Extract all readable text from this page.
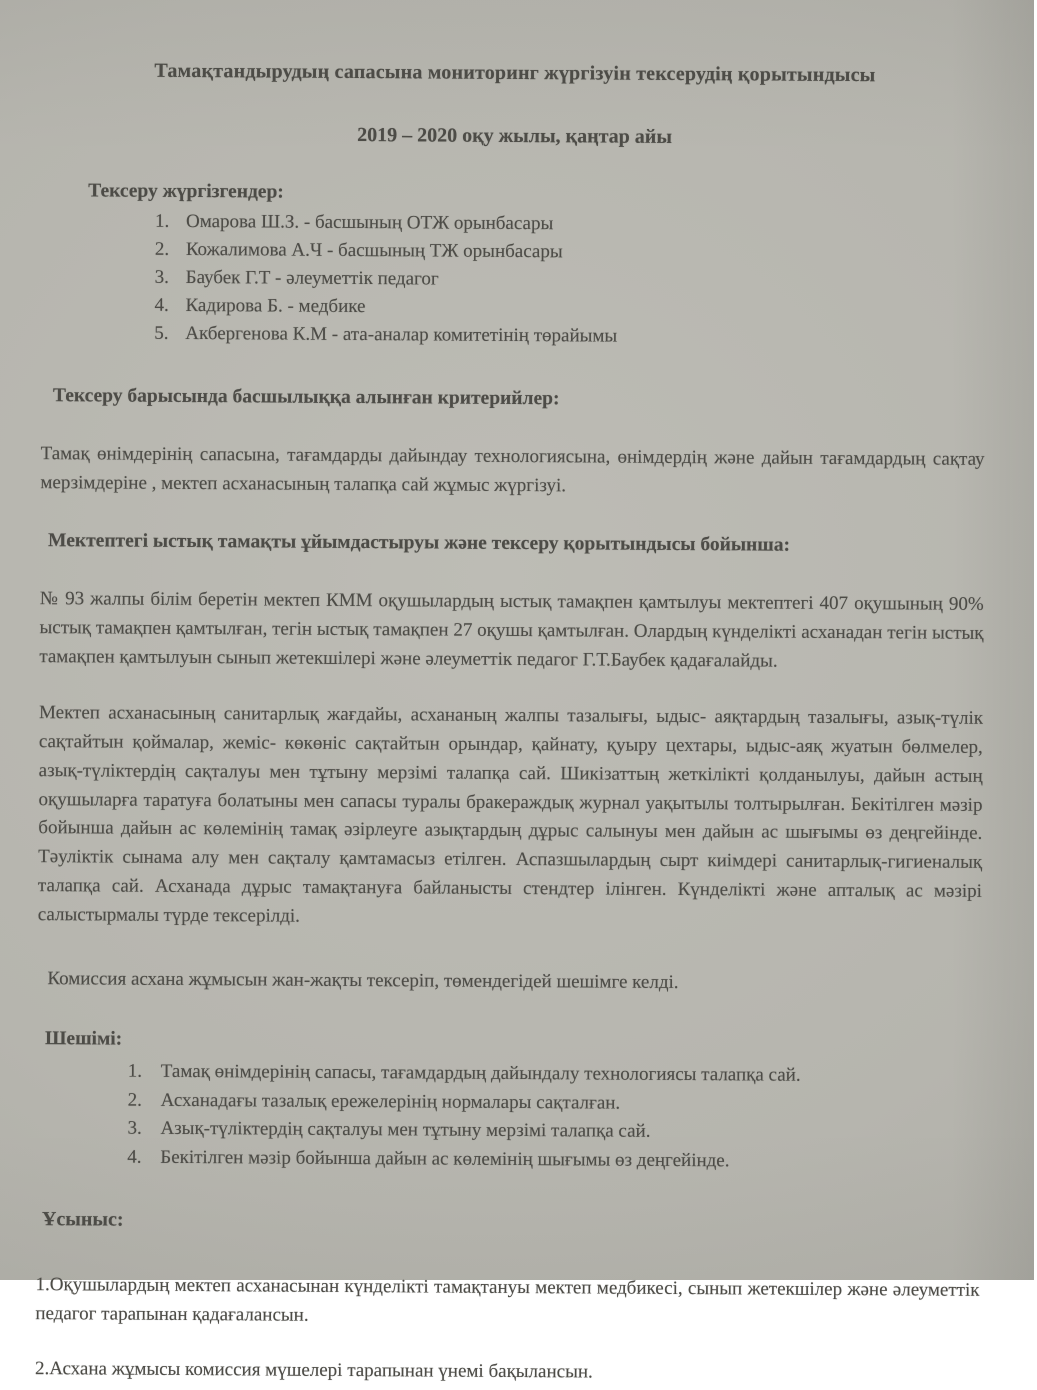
Тамақтандырудың сапасына мониторинг жүргізуін тексерудің қорытындысы

2019 – 2020 оқу жылы, қаңтар айы

Тексеру жүргізгендер:

1. Омарова Ш.З. - басшының ОТЖ орынбасары
2. Кожалимова А.Ч - басшының ТЖ орынбасары
3. Баубек Г.Т - әлеуметтік педагог
4. Кадирова Б. - медбике
5. Акбергенова К.М - ата-аналар комитетінің төрайымы

Тексеру барысында басшылыққа алынған критерийлер:

Тамақ өнімдерінің сапасына, тағамдарды дайындау технологиясына, өнімдердің және дайын тағамдардың сақтау мерзімдеріне , мектеп асханасының талапқа сай жұмыс жүргізуі.

Мектептегі ыстық тамақты ұйымдастыруы және тексеру қорытындысы бойынша:

№ 93 жалпы білім беретін мектеп КММ оқушылардың ыстық тамақпен қамтылуы мектептегі 407 оқушының 90% ыстық тамақпен қамтылған, тегін ыстық тамақпен 27 оқушы қамтылған. Олардың күнделікті асханадан тегін ыстық тамақпен қамтылуын сынып жетекшілері және әлеуметтік педагог Г.Т.Баубек қадағалайды.

Мектеп асханасының санитарлық жағдайы, асхананың жалпы тазалығы, ыдыс- аяқтардың тазалығы, азық-түлік сақтайтын қоймалар, жеміс- көкөніс сақтайтын орындар, қайнату, қуыру цехтары, ыдыс-аяқ жуатын бөлмелер, азық-түліктердің сақталуы мен тұтыну мерзімі талапқа сай. Шикізаттың жеткілікті қолданылуы, дайын астың оқушыларға таратуға болатыны мен сапасы туралы бракераждық журнал уақытылы толтырылған. Бекітілген мәзір бойынша дайын ас көлемінің тамақ әзірлеуге азықтардың дұрыс салынуы мен дайын ас шығымы өз деңгейінде. Тәуліктік сынама алу мен сақталу қамтамасыз етілген. Аспазшылардың сырт киімдері санитарлық-гигиеналық талапқа сай. Асханада дұрыс тамақтануға байланысты стендтер ілінген. Күнделікті және апталық ас мәзірі салыстырмалы түрде тексерілді.

Комиссия асхана жұмысын жан-жақты тексеріп, төмендегідей шешімге келді.

Шешімі:

1. Тамақ өнімдерінің сапасы, тағамдардың дайындалу технологиясы талапқа сай.
2. Асханадағы тазалық ережелерінің нормалары сақталған.
3. Азық-түліктердің сақталуы мен тұтыну мерзімі талапқа сай.
4. Бекітілген мәзір бойынша дайын ас көлемінің шығымы өз деңгейінде.

Ұсыныс:

1.Оқушылардың мектеп асханасынан күнделікті тамақтануы мектеп медбикесі, сынып жетекшілер және әлеуметтік педагог тарапынан қадағалансын.

2.Асхана жұмысы комиссия мүшелері тарапынан үнемі бақылансын.
